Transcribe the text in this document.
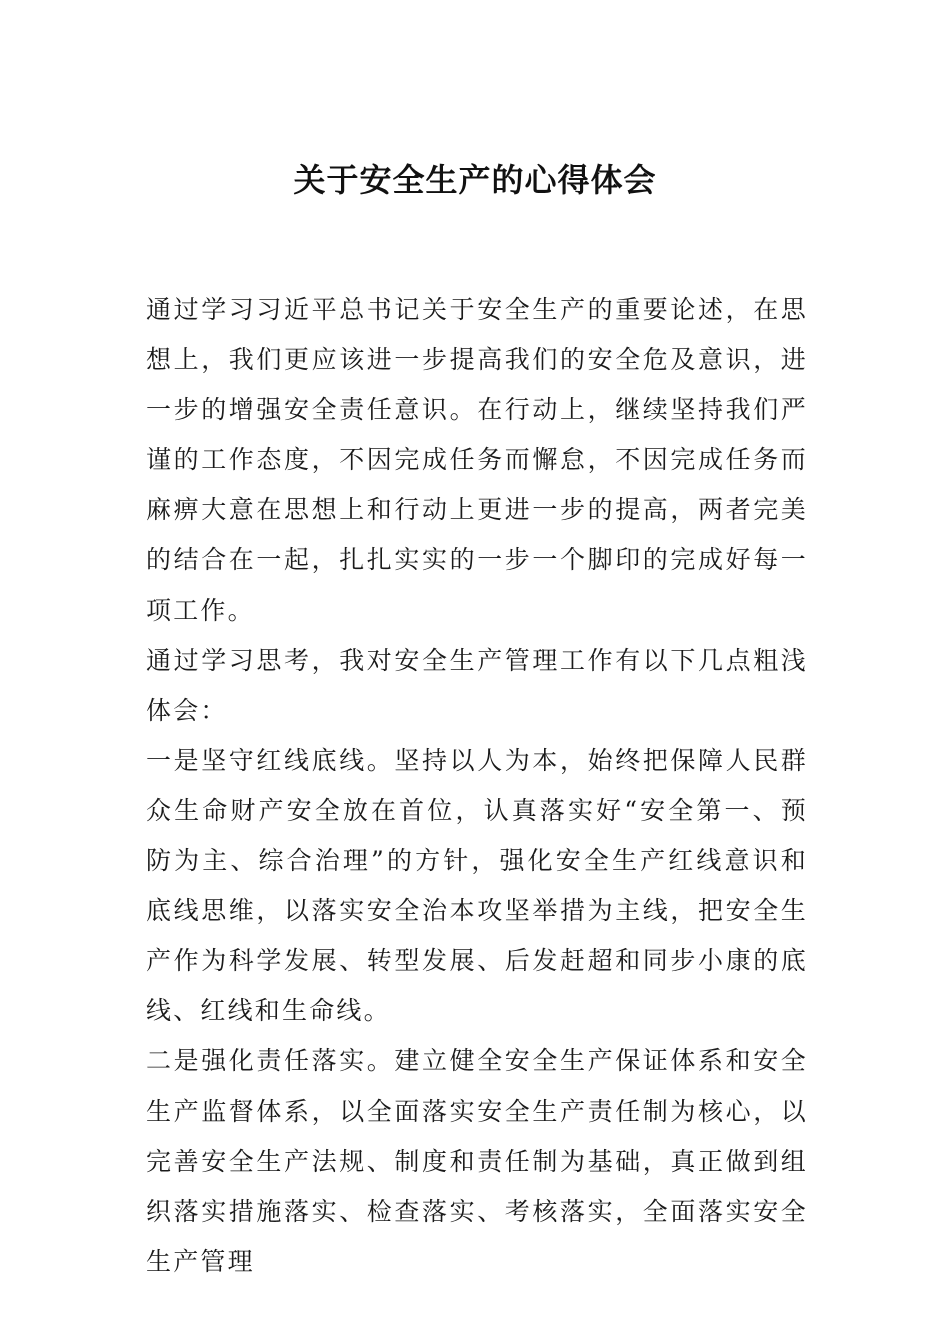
关于安全生产的心得体会

通过学习习近平总书记关于安全生产的重要论述，在思想上，我们更应该进一步提高我们的安全危及意识，进一步的增强安全责任意识。在行动上，继续坚持我们严谨的工作态度，不因完成任务而懈怠，不因完成任务而麻痹大意在思想上和行动上更进一步的提高，两者完美的结合在一起，扎扎实实的一步一个脚印的完成好每一项工作。

通过学习思考，我对安全生产管理工作有以下几点粗浅体会：

一是坚守红线底线。坚持以人为本，始终把保障人民群众生命财产安全放在首位，认真落实好“安全第一、预防为主、综合治理”的方针，强化安全生产红线意识和底线思维，以落实安全治本攻坚举措为主线，把安全生产作为科学发展、转型发展、后发赶超和同步小康的底线、红线和生命线。

二是强化责任落实。建立健全安全生产保证体系和安全生产监督体系，以全面落实安全生产责任制为核心，以完善安全生产法规、制度和责任制为基础，真正做到组织落实措施落实、检查落实、考核落实，全面落实安全生产管理
